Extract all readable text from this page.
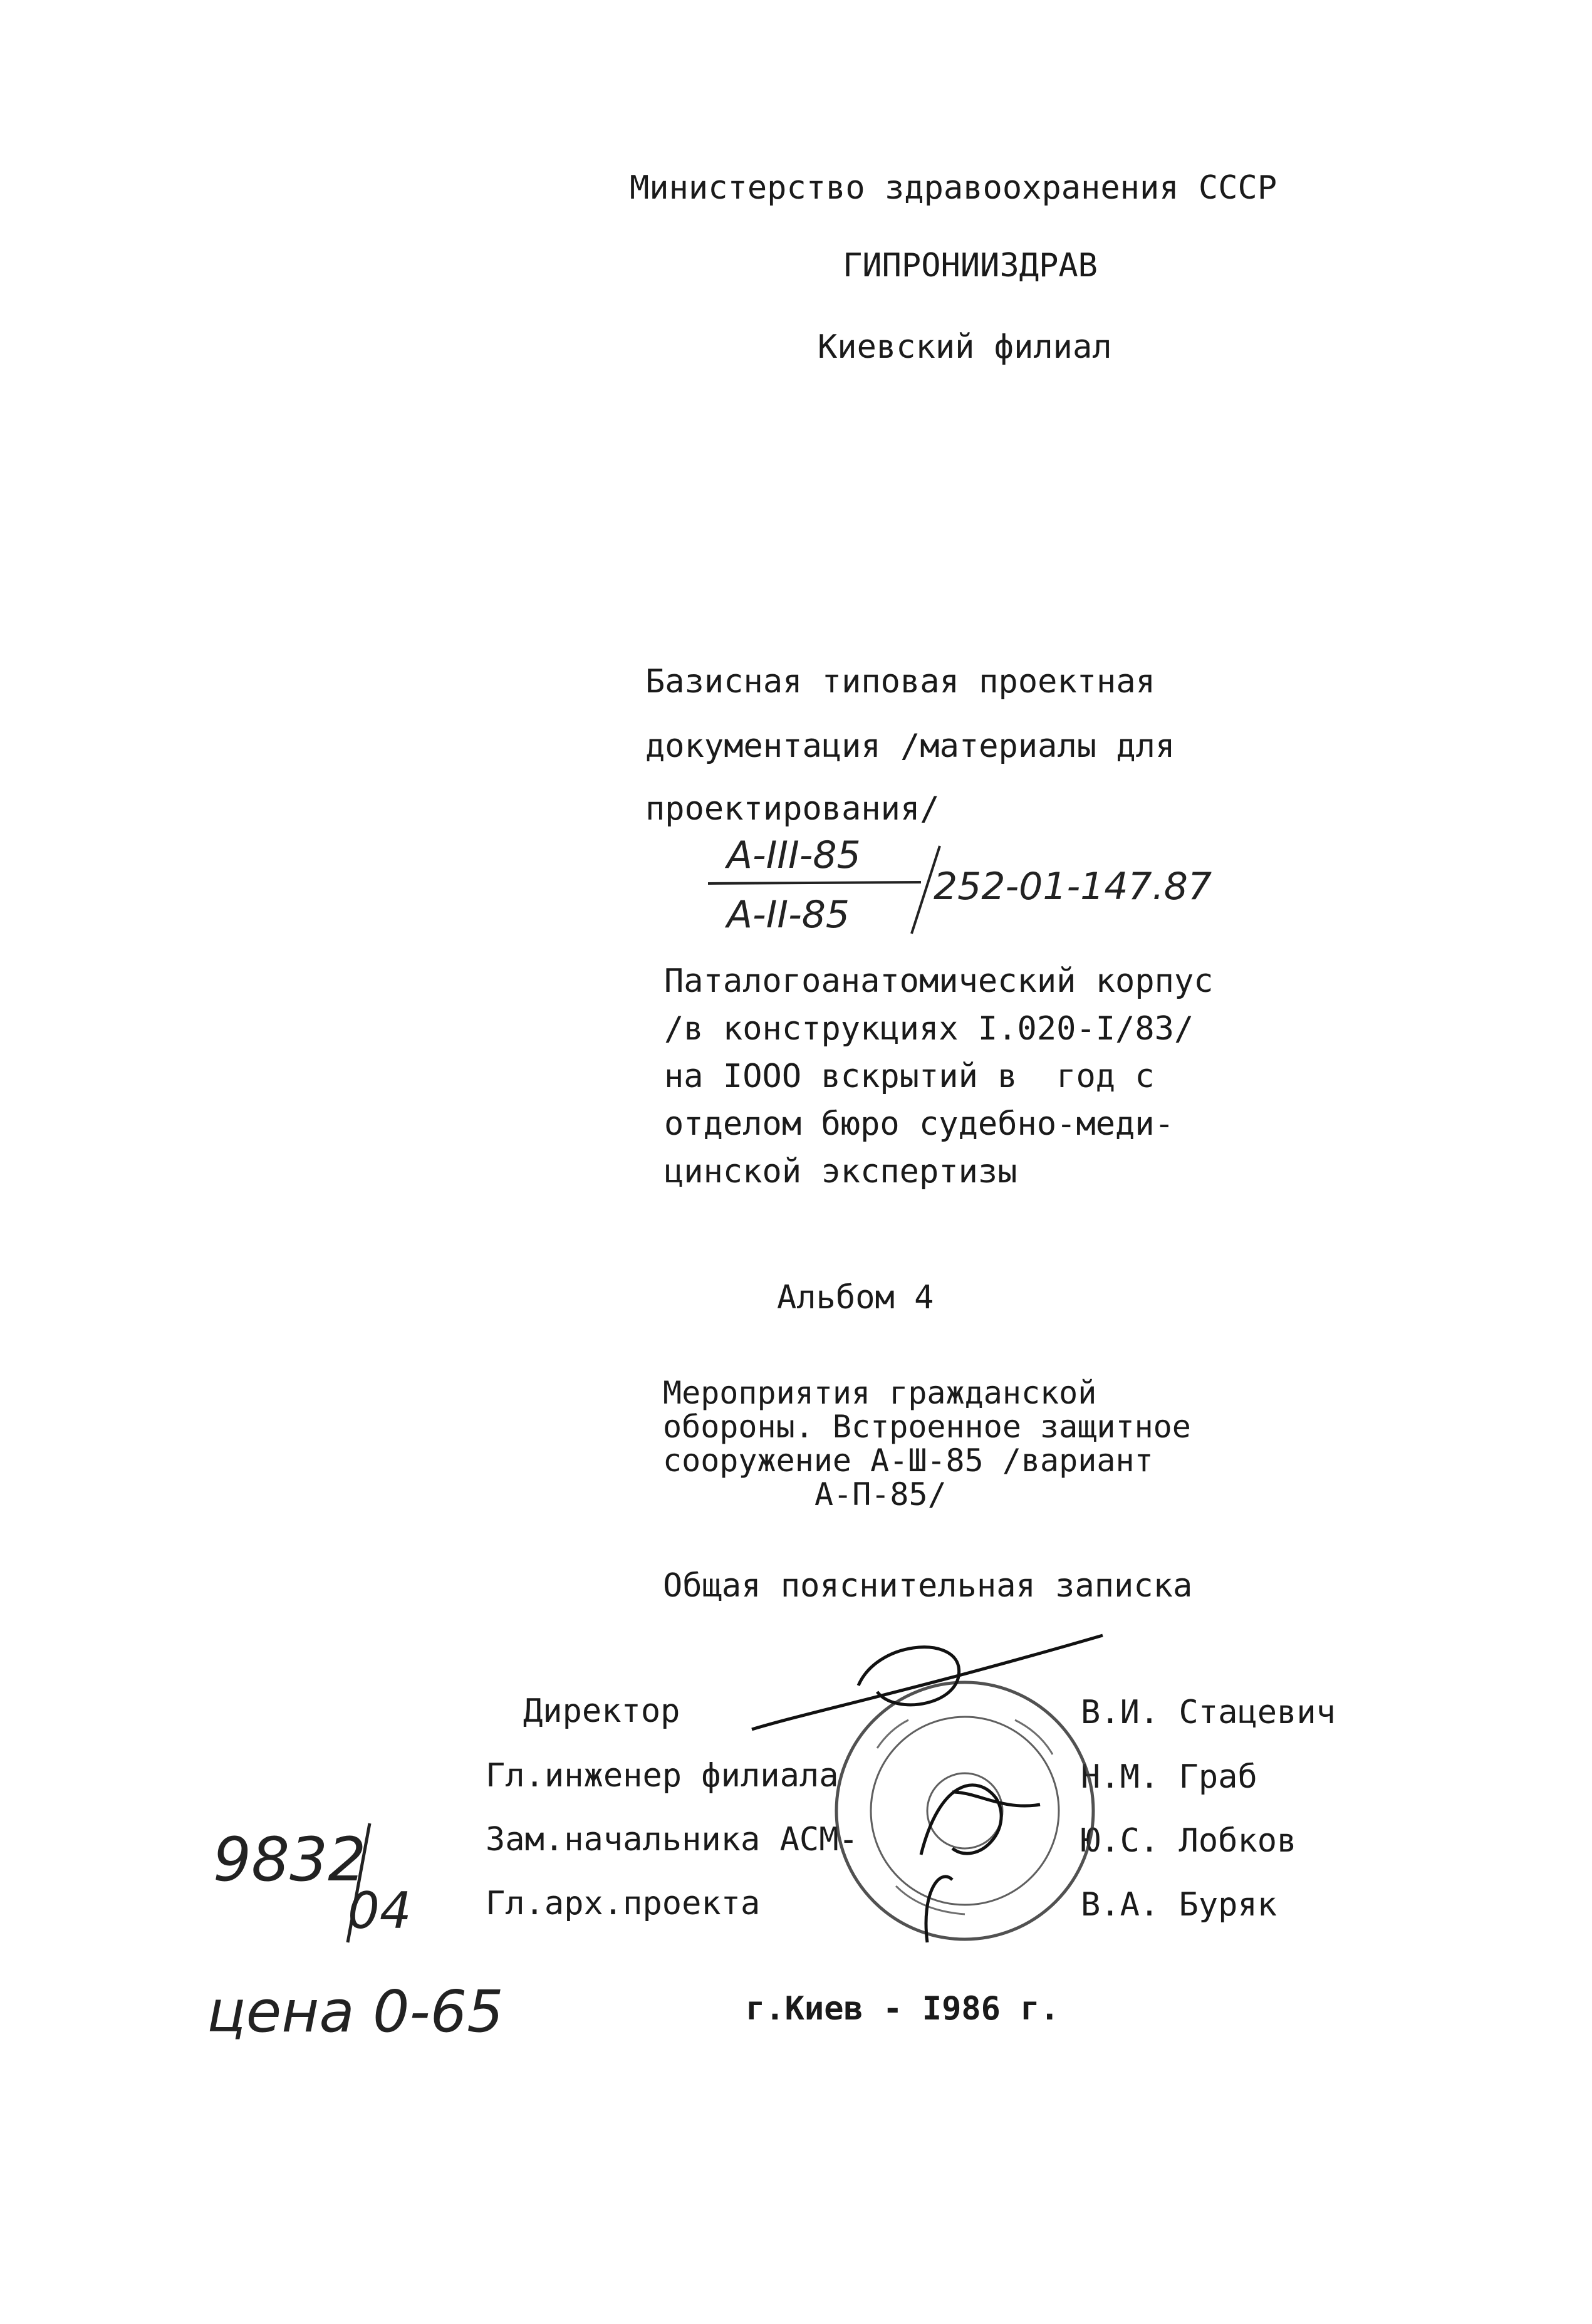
Министерство здравоохранения СССР
ГИПРОНИИЗДРАВ
Киевский филиал
Базисная типовая проектная
документация /материалы для
проектирования/
А-III-85
А-II-85
252-01-147.87
Паталогоанатомический корпус
/в конструкциях I.020-I/83/
на IOOO вскрытий в  год с
отделом бюро судебно-меди-
цинской экспертизы
Альбом 4
Мероприятия гражданской
обороны. Встроенное защитное
сооружение А-Ш-85 /вариант
А-П-85/
Общая пояснительная записка
Директор	В.И. Стацевич
Гл.инженер филиала	Н.М. Граб
Зам.начальника АСМ-	Ю.С. Лобков
Гл.арх.проекта	В.А. Буряк
9832
04
цена 0-65	г.Киев - I986 г.
